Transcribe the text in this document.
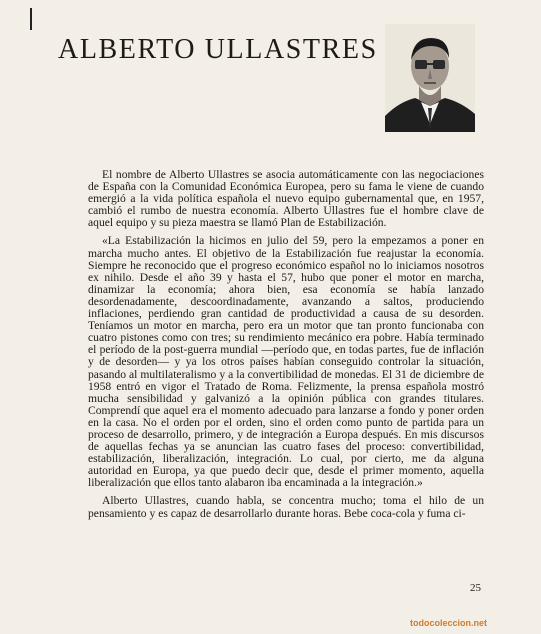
ALBERTO ULLASTRES

El nombre de Alberto Ullastres se asocia automáticamente con las negociaciones de España con la Comunidad Económica Europea, pero su fama le viene de cuando emergió a la vida política española el nuevo equipo gubernamental que, en 1957, cambió el rumbo de nuestra economía. Alberto Ullastres fue el hombre clave de aquel equipo y su pieza maestra se llamó Plan de Estabilización.

«La Estabilización la hicimos en julio del 59, pero la empezamos a poner en marcha mucho antes. El objetivo de la Estabilización fue reajustar la economía. Siempre he reconocido que el progreso económico español no lo iniciamos nosotros ex nihilo. Desde el año 39 y hasta el 57, hubo que poner el motor en marcha, dinamizar la economía; ahora bien, esa economía se había lanzado desordenadamente, descoordinadamente, avanzando a saltos, produciendo inflaciones, perdiendo gran cantidad de productividad a causa de su desorden. Teníamos un motor en marcha, pero era un motor que tan pronto funcionaba con cuatro pistones como con tres; su rendimiento mecánico era pobre. Había terminado el período de la post-guerra mundial —período que, en todas partes, fue de inflación y de desorden— y ya los otros países habían conseguido controlar la situación, pasando al multilateralismo y a la convertibilidad de monedas. El 31 de diciembre de 1958 entró en vigor el Tratado de Roma. Felizmente, la prensa española mostró mucha sensibilidad y galvanizó a la opinión pública con grandes titulares. Comprendí que aquel era el momento adecuado para lanzarse a fondo y poner orden en la casa. No el orden por el orden, sino el orden como punto de partida para un proceso de desarrollo, primero, y de integración a Europa después. En mis discursos de aquellas fechas ya se anuncian las cuatro fases del proceso: convertibilidad, estabilización, liberalización, integración. Lo cual, por cierto, me da alguna autoridad en Europa, ya que puedo decir que, desde el primer momento, aquella liberalización que ellos tanto alabaron iba encaminada a la integración.»

Alberto Ullastres, cuando habla, se concentra mucho; toma el hilo de un pensamiento y es capaz de desarrollarlo durante horas. Bebe coca-cola y fuma ci-

25
todocoleccion.net
